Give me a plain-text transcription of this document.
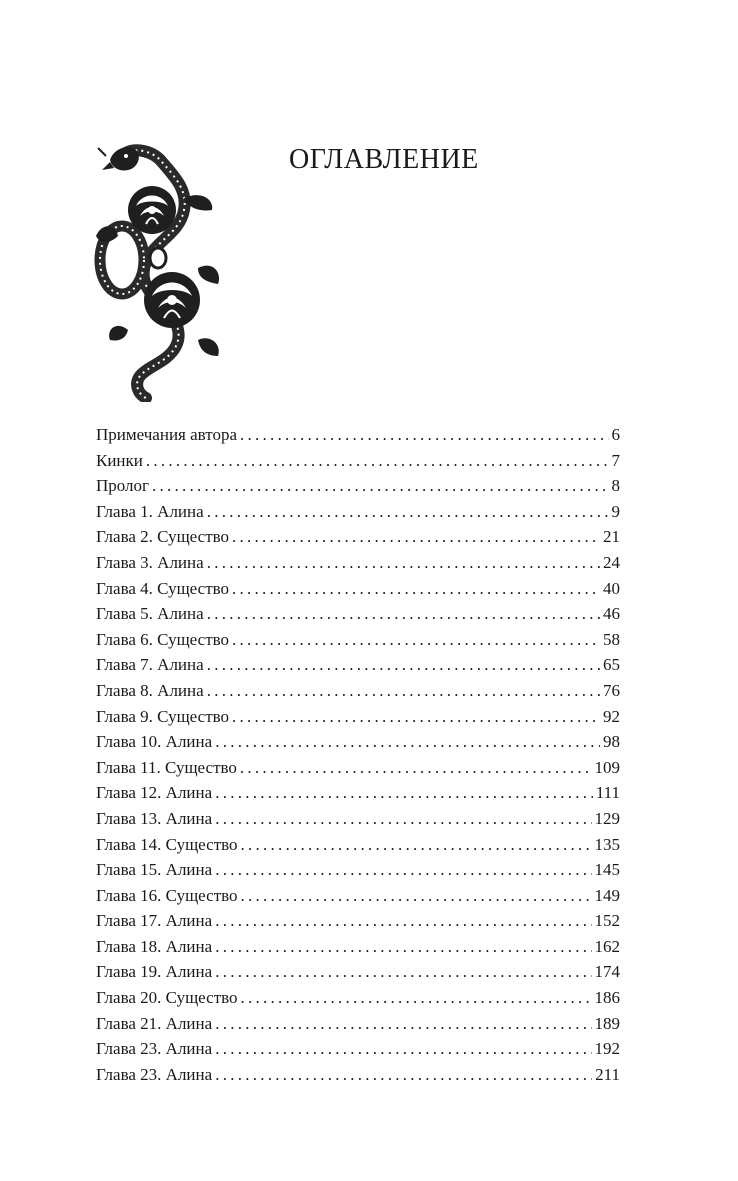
ОГЛАВЛЕНИЕ
Примечания автора . . .	6
Кинки . . .	7
Пролог . . .	8
Глава 1. Алина . . .	9
Глава 2. Существо . . .	21
Глава 3. Алина . . .	24
Глава 4. Существо . . .	40
Глава 5. Алина . . .	46
Глава 6. Существо . . .	58
Глава 7. Алина . . .	65
Глава 8. Алина . . .	76
Глава 9. Существо . . .	92
Глава 10. Алина . . .	98
Глава 11. Существо . . .	109
Глава 12. Алина . . .	111
Глава 13. Алина . . .	129
Глава 14. Существо . . .	135
Глава 15. Алина . . .	145
Глава 16. Существо . . .	149
Глава 17. Алина . . .	152
Глава 18. Алина . . .	162
Глава 19. Алина . . .	174
Глава 20. Существо . . .	186
Глава 21. Алина . . .	189
Глава 23. Алина . . .	192
Глава 23. Алина . . .	211
